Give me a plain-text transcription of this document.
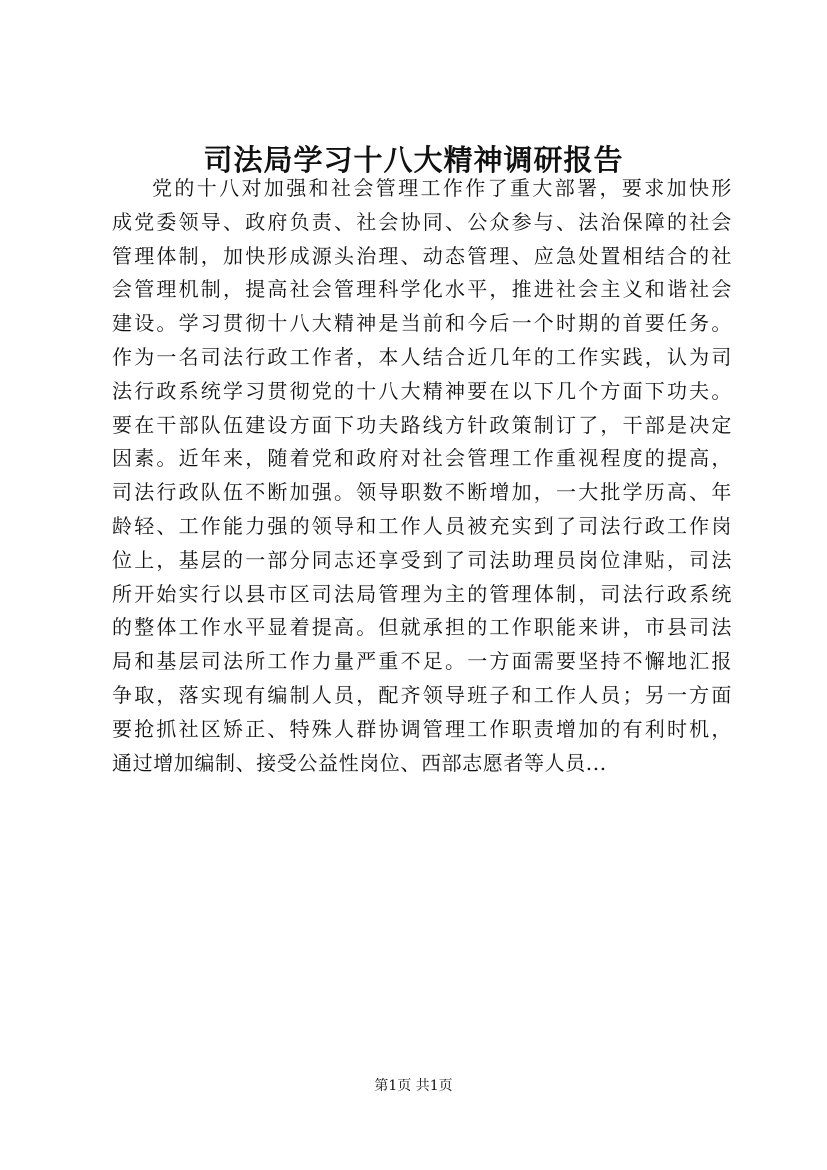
司法局学习十八大精神调研报告
党的十八对加强和社会管理工作作了重大部署，要求加快形
成党委领导、政府负责、社会协同、公众参与、法治保障的社会
管理体制，加快形成源头治理、动态管理、应急处置相结合的社
会管理机制，提高社会管理科学化水平，推进社会主义和谐社会
建设。学习贯彻十八大精神是当前和今后一个时期的首要任务。
作为一名司法行政工作者，本人结合近几年的工作实践，认为司
法行政系统学习贯彻党的十八大精神要在以下几个方面下功夫。
要在干部队伍建设方面下功夫路线方针政策制订了，干部是决定
因素。近年来，随着党和政府对社会管理工作重视程度的提高，
司法行政队伍不断加强。领导职数不断增加，一大批学历高、年
龄轻、工作能力强的领导和工作人员被充实到了司法行政工作岗
位上，基层的一部分同志还享受到了司法助理员岗位津贴，司法
所开始实行以县市区司法局管理为主的管理体制，司法行政系统
的整体工作水平显着提高。但就承担的工作职能来讲，市县司法
局和基层司法所工作力量严重不足。一方面需要坚持不懈地汇报
争取，落实现有编制人员，配齐领导班子和工作人员；另一方面
要抢抓社区矫正、特殊人群协调管理工作职责增加的有利时机，
通过增加编制、接受公益性岗位、西部志愿者等人员...
第1页 共1页
